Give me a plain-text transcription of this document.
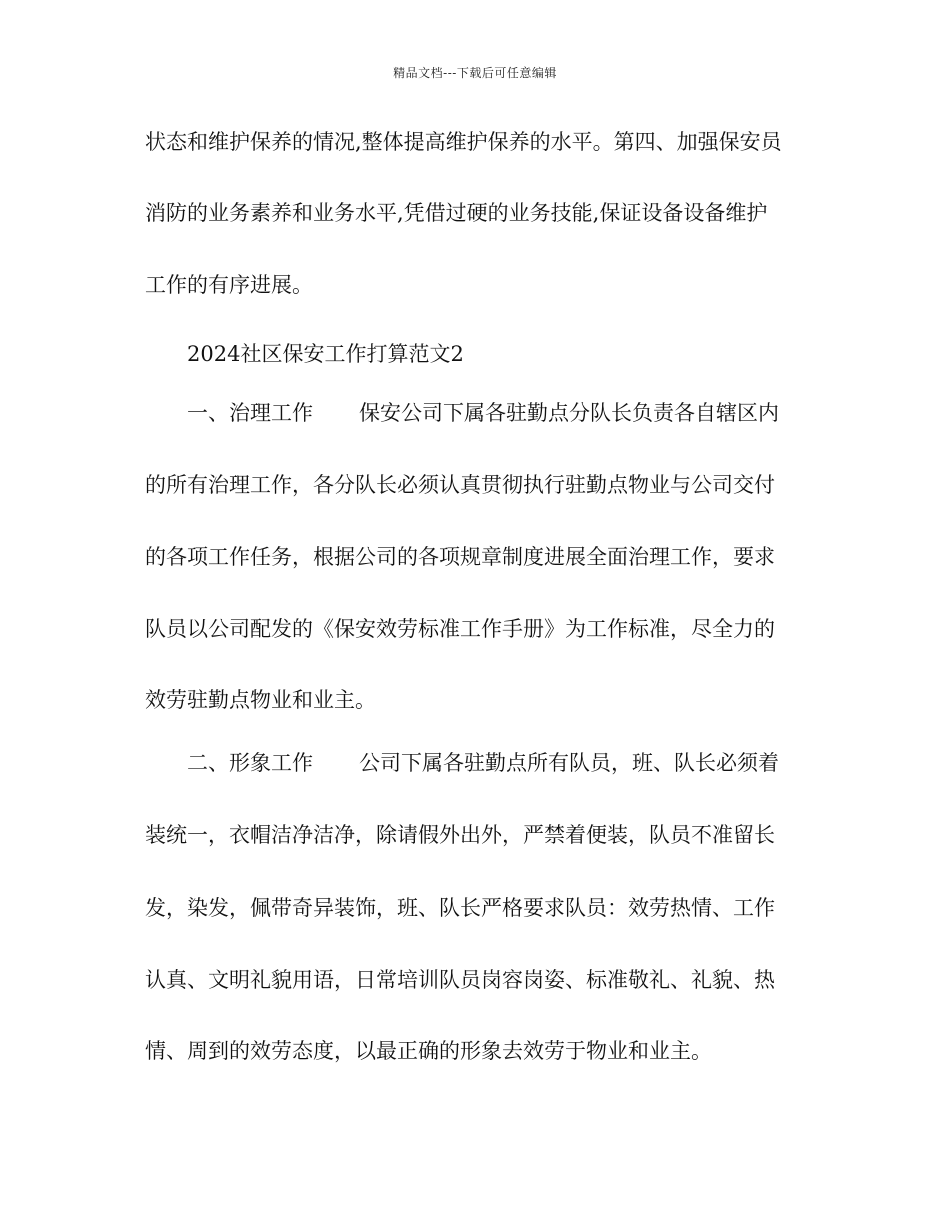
精品文档---下载后可任意编辑
状态和维护保养的情况,整体提高维护保养的水平。第四、加强保安员
消防的业务素养和业务水平,凭借过硬的业务技能,保证设备设备维护
工作的有序进展。
2024社区保安工作打算范文2
一、治理工作 保安公司下属各驻勤点分队长负责各自辖区内
的所有治理工作，各分队长必须认真贯彻执行驻勤点物业与公司交付
的各项工作任务，根据公司的各项规章制度进展全面治理工作，要求
队员以公司配发的《保安效劳标准工作手册》为工作标准，尽全力的
效劳驻勤点物业和业主。
二、形象工作 公司下属各驻勤点所有队员，班、队长必须着
装统一，衣帽洁净洁净，除请假外出外，严禁着便装，队员不准留长
发，染发，佩带奇异装饰，班、队长严格要求队员：效劳热情、工作
认真、文明礼貌用语，日常培训队员岗容岗姿、标准敬礼、礼貌、热
情、周到的效劳态度，以最正确的形象去效劳于物业和业主。
